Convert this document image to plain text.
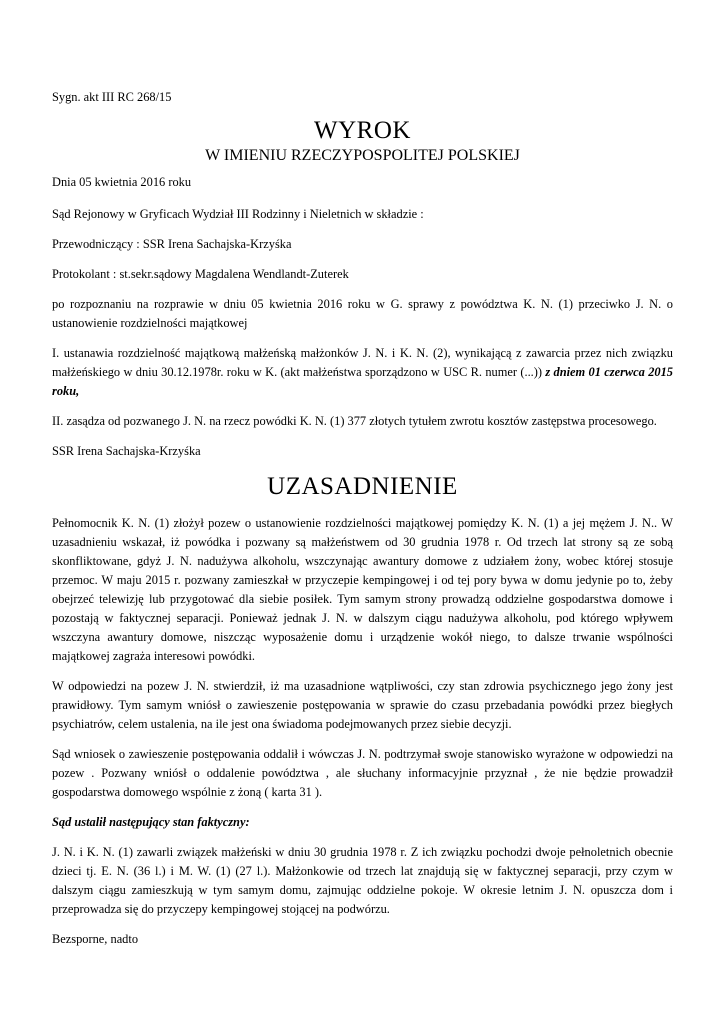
Sygn. akt III RC 268/15

WYROK
W IMIENIU RZECZYPOSPOLITEJ POLSKIEJ

Dnia 05 kwietnia 2016 roku

Sąd Rejonowy w Gryficach Wydział III Rodzinny i Nieletnich w składzie :

Przewodniczący : SSR Irena Sachajska-Krzyśka

Protokolant : st.sekr.sądowy Magdalena Wendlandt-Zuterek

po rozpoznaniu na rozprawie w dniu 05 kwietnia 2016 roku w G. sprawy z powództwa K. N. (1) przeciwko J. N. o ustanowienie rozdzielności majątkowej

I. ustanawia rozdzielność majątkową małżeńską małżonków J. N. i K. N. (2), wynikającą z zawarcia przez nich związku małżeńskiego w dniu 30.12.1978r. roku w K. (akt małżeństwa sporządzono w USC R. numer (...)) z dniem 01 czerwca 2015 roku,

II. zasądza od pozwanego J. N. na rzecz powódki K. N. (1) 377 złotych tytułem zwrotu kosztów zastępstwa procesowego.

SSR Irena Sachajska-Krzyśka

UZASADNIENIE

Pełnomocnik K. N. (1) złożył pozew o ustanowienie rozdzielności majątkowej pomiędzy K. N. (1) a jej mężem J. N.. W uzasadnieniu wskazał, iż powódka i pozwany są małżeństwem od 30 grudnia 1978 r. Od trzech lat strony są ze sobą skonfliktowane, gdyż J. N. nadużywa alkoholu, wszczynając awantury domowe z udziałem żony, wobec której stosuje przemoc. W maju 2015 r. pozwany zamieszkał w przyczepie kempingowej i od tej pory bywa w domu jedynie po to, żeby obejrzeć telewizję lub przygotować dla siebie posiłek. Tym samym strony prowadzą oddzielne gospodarstwa domowe i pozostają w faktycznej separacji. Ponieważ jednak J. N. w dalszym ciągu nadużywa alkoholu, pod którego wpływem wszczyna awantury domowe, niszcząc wyposażenie domu i urządzenie wokół niego, to dalsze trwanie wspólności majątkowej zagraża interesowi powódki.

W odpowiedzi na pozew J. N. stwierdził, iż ma uzasadnione wątpliwości, czy stan zdrowia psychicznego jego żony jest prawidłowy. Tym samym wniósł o zawieszenie postępowania w sprawie do czasu przebadania powódki przez biegłych psychiatrów, celem ustalenia, na ile jest ona świadoma podejmowanych przez siebie decyzji.

Sąd wniosek o zawieszenie postępowania oddalił i wówczas J. N. podtrzymał swoje stanowisko wyrażone w odpowiedzi na pozew . Pozwany wniósł o oddalenie powództwa , ale słuchany informacyjnie przyznał , że nie będzie prowadził gospodarstwa domowego wspólnie z żoną ( karta 31 ).

Sąd ustalił następujący stan faktyczny:

J. N. i K. N. (1) zawarli związek małżeński w dniu 30 grudnia 1978 r. Z ich związku pochodzi dwoje pełnoletnich obecnie dzieci tj. E. N. (36 l.) i M. W. (1) (27 l.). Małżonkowie od trzech lat znajdują się w faktycznej separacji, przy czym w dalszym ciągu zamieszkują w tym samym domu, zajmując oddzielne pokoje. W okresie letnim J. N. opuszcza dom i przeprowadza się do przyczepy kempingowej stojącej na podwórzu.

Bezsporne, nadto
